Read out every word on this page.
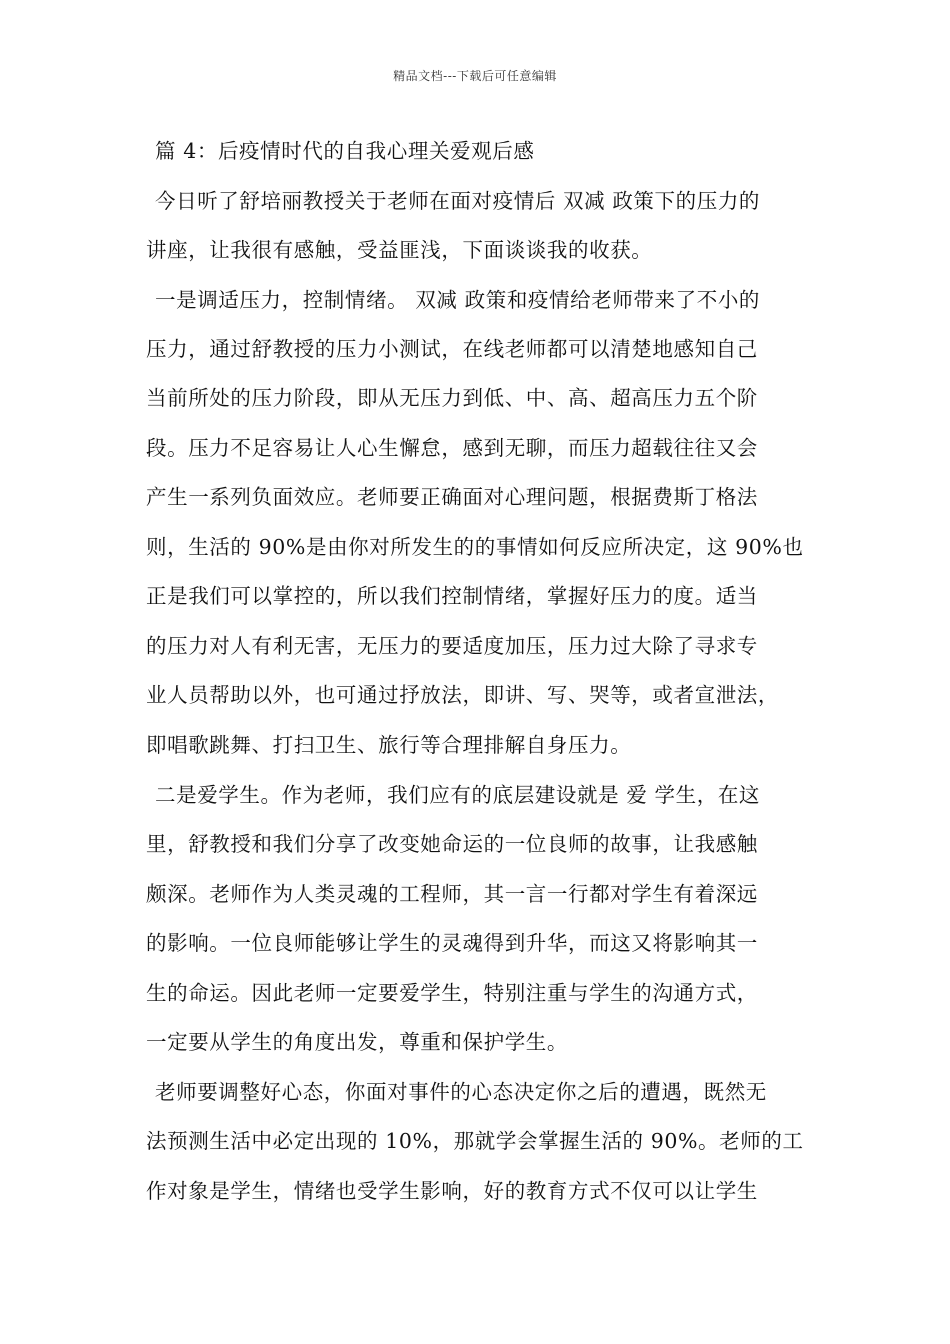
精品文档---下载后可任意编辑
篇 4：后疫情时代的自我心理关爱观后感
今日听了舒培丽教授关于老师在面对疫情后 双减 政策下的压力的
讲座，让我很有感触，受益匪浅，下面谈谈我的收获。
一是调适压力，控制情绪。 双减 政策和疫情给老师带来了不小的
压力，通过舒教授的压力小测试，在线老师都可以清楚地感知自己
当前所处的压力阶段，即从无压力到低、中、高、超高压力五个阶
段。压力不足容易让人心生懈怠，感到无聊，而压力超载往往又会
产生一系列负面效应。老师要正确面对心理问题，根据费斯丁格法
则，生活的 90%是由你对所发生的的事情如何反应所决定，这 90%也
正是我们可以掌控的，所以我们控制情绪，掌握好压力的度。适当
的压力对人有利无害，无压力的要适度加压，压力过大除了寻求专
业人员帮助以外，也可通过抒放法，即讲、写、哭等，或者宣泄法，
即唱歌跳舞、打扫卫生、旅行等合理排解自身压力。
二是爱学生。作为老师，我们应有的底层建设就是 爱 学生，在这
里，舒教授和我们分享了改变她命运的一位良师的故事，让我感触
颇深。老师作为人类灵魂的工程师，其一言一行都对学生有着深远
的影响。一位良师能够让学生的灵魂得到升华，而这又将影响其一
生的命运。因此老师一定要爱学生，特别注重与学生的沟通方式，
一定要从学生的角度出发，尊重和保护学生。
老师要调整好心态，你面对事件的心态决定你之后的遭遇，既然无
法预测生活中必定出现的 10%，那就学会掌握生活的 90%。老师的工
作对象是学生，情绪也受学生影响，好的教育方式不仅可以让学生
